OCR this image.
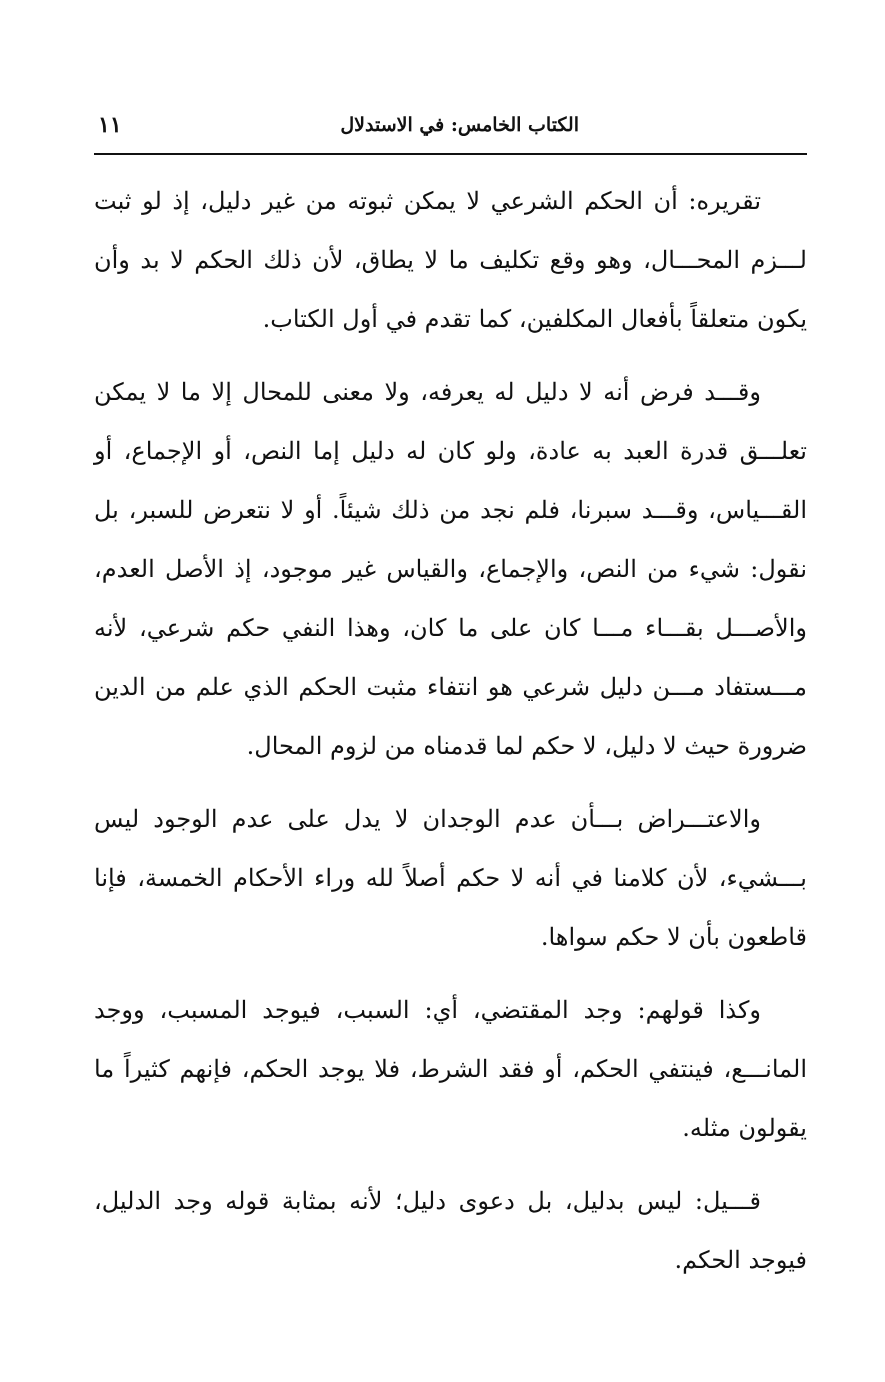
الكتاب الخامس: في الاستدلال
١١

تقريره: أن الحكم الشرعي لا يمكن ثبوته من غير دليل، إذ لو ثبت لـــزم المحـــال، وهو وقع تكليف ما لا يطاق، لأن ذلك الحكم لا بد وأن يكون متعلقاً بأفعال المكلفين، كما تقدم في أول الكتاب.

وقـــد فرض أنه لا دليل له يعرفه، ولا معنى للمحال إلا ما لا يمكن تعلـــق قدرة العبد به عادة، ولو كان له دليل إما النص، أو الإجماع، أو القـــياس، وقـــد سبرنا، فلم نجد من ذلك شيئاً. أو لا نتعرض للسبر، بل نقول: شيء من النص، والإجماع، والقياس غير موجود، إذ الأصل العدم، والأصـــل بقـــاء مـــا كان على ما كان، وهذا النفي حكم شرعي، لأنه مـــستفاد مـــن دليل شرعي هو انتفاء مثبت الحكم الذي علم من الدين ضرورة حيث لا دليل، لا حكم لما قدمناه من لزوم المحال.

والاعتـــراض بـــأن عدم الوجدان لا يدل على عدم الوجود ليس بـــشيء، لأن كلامنا في أنه لا حكم أصلاً لله وراء الأحكام الخمسة، فإنا قاطعون بأن لا حكم سواها.

وكذا قولهم: وجد المقتضي، أي: السبب، فيوجد المسبب، ووجد المانـــع، فينتفي الحكم، أو فقد الشرط، فلا يوجد الحكم، فإنهم كثيراً ما يقولون مثله.

قـــيل: ليس بدليل، بل دعوى دليل؛ لأنه بمثابة قوله وجد الدليل، فيوجد الحكم.
